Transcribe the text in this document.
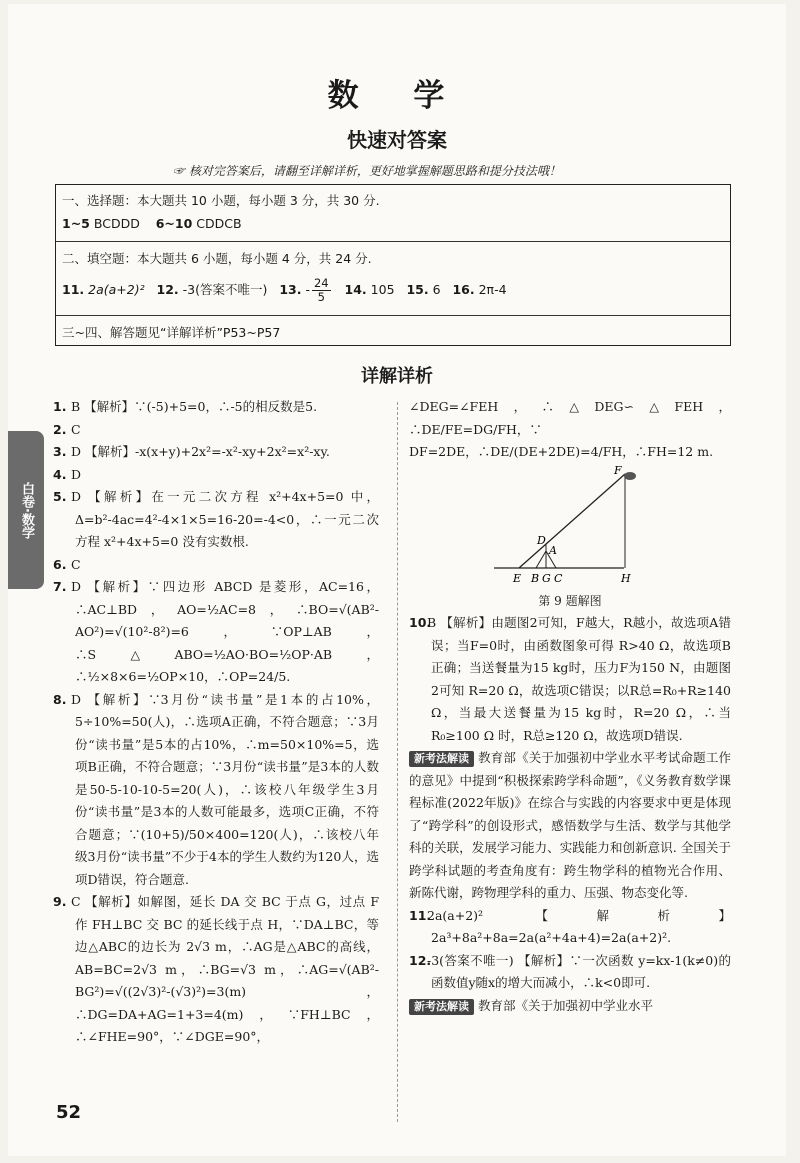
数 学
快速对答案
☞ 核对完答案后，请翻至详解详析，更好地掌握解题思路和提分技法哦！
一、选择题：本大题共 10 小题，每小题 3 分，共 30 分.
1~5 BCDDD 6~10 CDDCB
二、填空题：本大题共 6 小题，每小题 4 分，共 24 分.
11. 2a(a+2)² 12. -3(答案不唯一) 13. - $\frac{24}{5} 14$. 105 15. 6 16. 2π-4
三~四、解答题见“详解详析”P53~P57
详解详析
白卷·数学

1. B 【解析】∵(-5)+5=0，∴-5的相反数是5.

2. C

3. D 【解析】-x(x+y)+2x²=-x²-xy+2x²=x²-xy.

4. D

5. D 【解析】在一元二次方程 x²+4x+5=0 中，Δ=b²-4ac=4²-4×1×5=16-20=-4<0，∴一元二次方程 x²+4x+5=0 没有实数根.

6. C

7. D 【解析】∵四边形 ABCD 是菱形，AC=16，∴AC⊥BD，AO=½AC=8，∴BO=√(AB²-AO²)=√(10²-8²)=6，∵OP⊥AB，∴S△ABO=½AO·BO=½OP·AB，∴½×8×6=½OP×10，∴OP=24/5.

8. D 【解析】∵3月份“读书量”是1本的占10%，5÷10%=50(人)，∴选项A正确，不符合题意；∵3月份“读书量”是5本的占10%，∴m=50×10%=5，选项B正确，不符合题意；∵3月份“读书量”是3本的人数是50-5-10-10-5=20(人)，∴该校八年级学生3月份“读书量”是3本的人数可能最多，选项C正确，不符合题意；∵(10+5)/50×400=120(人)，∴该校八年级3月份“读书量”不少于4本的学生人数约为120人，选项D错误，符合题意.

9. C 【解析】如解图，延长 DA 交 BC 于点 G，过点 F 作 FH⊥BC 交 BC 的延长线于点 H，∵DA⊥BC，等边△ABC的边长为 2√3 m，∴AG是△ABC的高线，AB=BC=2√3 m，∴BG=√3 m，∴AG=√(AB²-BG²)=√((2√3)²-(√3)²)=3(m)，∴DG=DA+AG=1+3=4(m)，∵FH⊥BC，∴∠FHE=90°，∵∠DGE=90°，

∠DEG=∠FEH，∴△DEG∽△FEH，∴DE/FE=DG/FH，∵

DF=2DE，∴DE/(DE+2DE)=4/FH，∴FH=12 m.

F
D
A
E B G C	H
第 9 题解图

10.B 【解析】由题图2可知，F越大，R越小，故选项A错误；当F=0时，由函数图象可得 R>40 Ω，故选项B正确；当送餐量为15 kg时，压力F为150 N，由题图2可知 R=20 Ω，故选项C错误；以R总=R₀+R≥140 Ω，当最大送餐量为15 kg时，R=20 Ω，∴当 R₀≥100 Ω 时，R总≥120 Ω，故选项D错误.

新考法解读 教育部《关于加强初中学业水平考试命题工作的意见》中提到“积极探索跨学科命题”，《义务教育数学课程标准(2022年版)》在综合与实践的内容要求中更是体现了“跨学科”的创设形式，感悟数学与生活、数学与其他学科的关联，发展学习能力、实践能力和创新意识. 全国关于跨学科试题的考查角度有：跨生物学科的植物光合作用、新陈代谢，跨物理学科的重力、压强、物态变化等.

11.2a(a+2)² 【解析】2a³+8a²+8a=2a(a²+4a+4)=2a(a+2)².

12.-3(答案不唯一) 【解析】∵一次函数 y=kx-1(k≠0)的函数值y随x的增大而减小，∴k<0即可.

新考法解读 教育部《关于加强初中学业水平

52
